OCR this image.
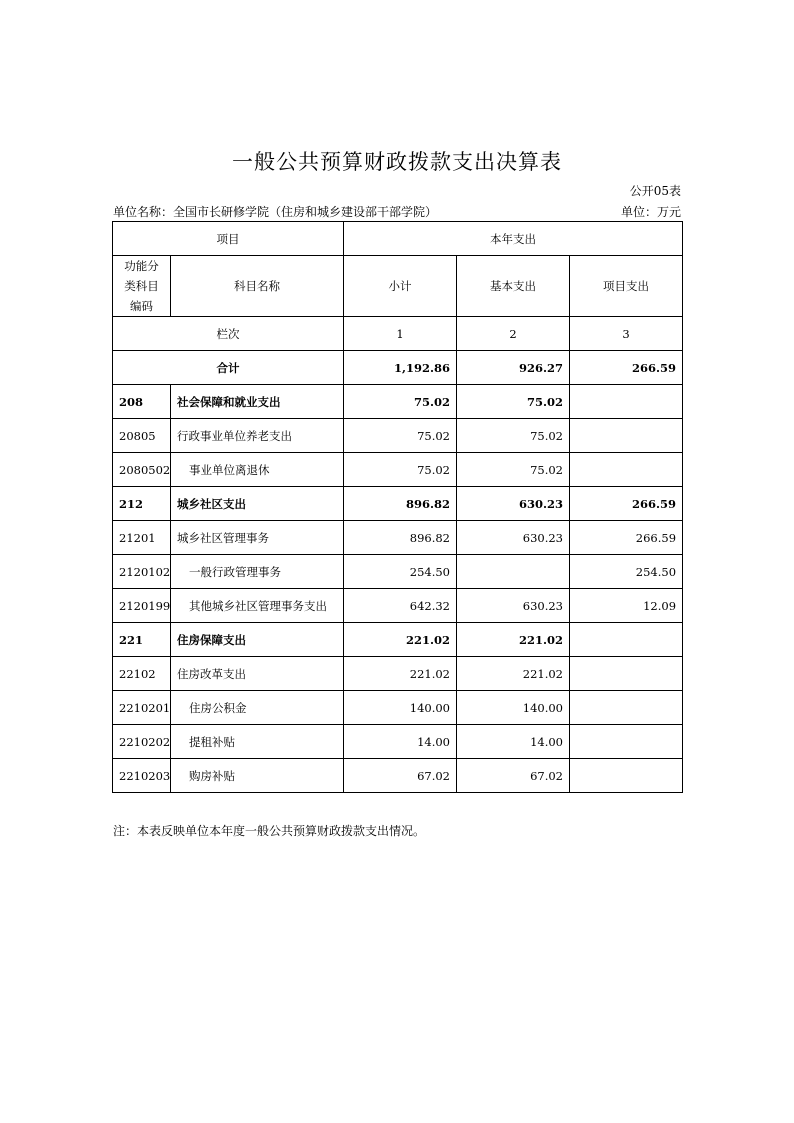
一般公共预算财政拨款支出决算表
公开05表
单位名称：全国市长研修学院（住房和城乡建设部干部学院）	单位：万元
项目		本年支出		

功能分
类科目
编码	科目名称	小计	基本支出	项目支出
栏次		1	2	3
合计		1,192.86	926.27	266.59
208	社会保障和就业支出	75.02	75.02	
20805	行政事业单位养老支出	75.02	75.02	
2080502	事业单位离退休	75.02	75.02	
212	城乡社区支出	896.82	630.23	266.59
21201	城乡社区管理事务	896.82	630.23	266.59
2120102	一般行政管理事务	254.50		254.50
2120199	其他城乡社区管理事务支出	642.32	630.23	12.09
221	住房保障支出	221.02	221.02	
22102	住房改革支出	221.02	221.02	
2210201	住房公积金	140.00	140.00	
2210202	提租补贴	14.00	14.00	
2210203	购房补贴	67.02	67.02	
注：本表反映单位本年度一般公共预算财政拨款支出情况。
